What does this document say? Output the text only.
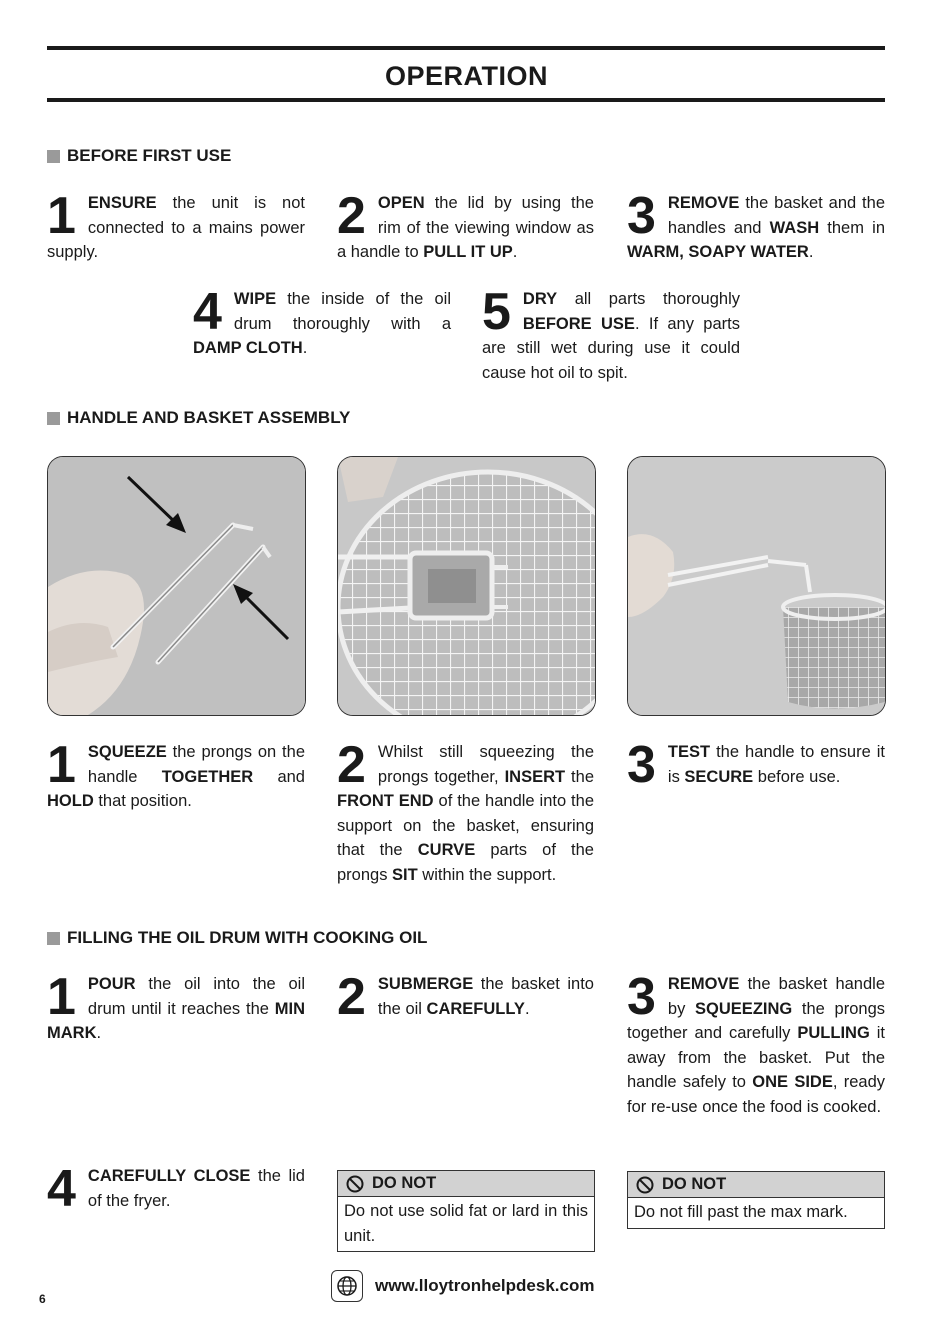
OPERATION
BEFORE FIRST USE
1 ENSURE the unit is not connected to a mains power supply.
2 OPEN the lid by using the rim of the viewing window as a handle to PULL IT UP.
3 REMOVE the basket and the handles and WASH them in WARM, SOAPY WATER.
4 WIPE the inside of the oil drum thoroughly with a DAMP CLOTH.
5 DRY all parts thoroughly BEFORE USE. If any parts are still wet during use it could cause hot oil to spit.
HANDLE AND BASKET ASSEMBLY
1 SQUEEZE the prongs on the handle TOGETHER and HOLD that position.
2 Whilst still squeezing the prongs together, INSERT the FRONT END of the handle into the support on the basket, ensuring that the CURVE parts of the prongs SIT within the support.
3 TEST the handle to ensure it is SECURE before use.
FILLING THE OIL DRUM WITH COOKING OIL
1 POUR the oil into the oil drum until it reaches the MIN MARK.
2 SUBMERGE the basket into the oil CAREFULLY.	3 REMOVE the basket handle by SQUEEZING the prongs together and carefully PULLING it away from the basket. Put the handle safely to ONE SIDE, ready for re-use once the food is cooked.
4 CAREFULLY CLOSE the lid of the fryer.
DO NOT
Do not use solid fat or lard in this unit.
DO NOT
Do not fill past the max mark.
www.lloytronhelpdesk.com
6
